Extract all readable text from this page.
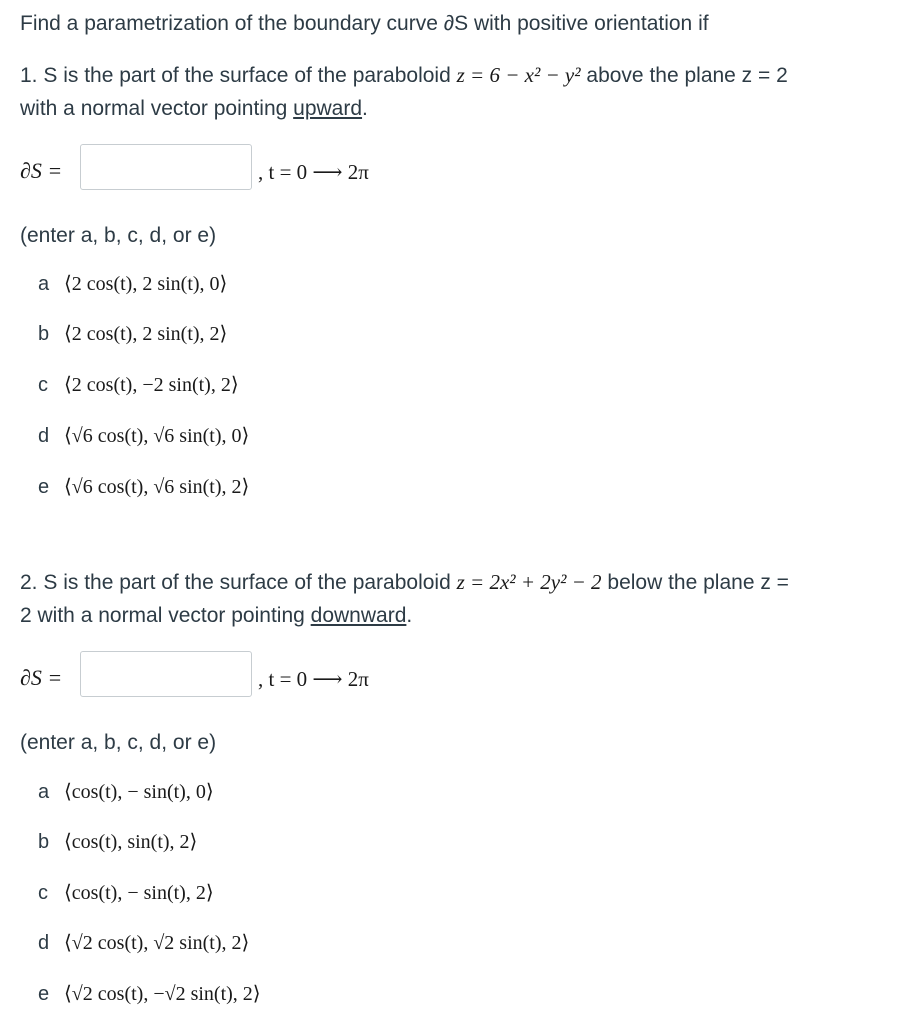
Find a parametrization of the boundary curve ∂S with positive orientation if
1. S is the part of the surface of the paraboloid z = 6 − x² − y² above the plane z = 2
with a normal vector pointing upward.
∂S =	, t = 0 ⟶ 2π
(enter a, b, c, d, or e)
a ⟨2 cos(t), 2 sin(t), 0⟩
b ⟨2 cos(t), 2 sin(t), 2⟩
c ⟨2 cos(t), −2 sin(t), 2⟩
d ⟨√6 cos(t), √6 sin(t), 0⟩
e ⟨√6 cos(t), √6 sin(t), 2⟩
2. S is the part of the surface of the paraboloid z = 2x² + 2y² − 2 below the plane z =
2 with a normal vector pointing downward.
∂S =	, t = 0 ⟶ 2π
(enter a, b, c, d, or e)
a ⟨cos(t), − sin(t), 0⟩
b ⟨cos(t), sin(t), 2⟩
c ⟨cos(t), − sin(t), 2⟩
d ⟨√2 cos(t), √2 sin(t), 2⟩
e ⟨√2 cos(t), −√2 sin(t), 2⟩
